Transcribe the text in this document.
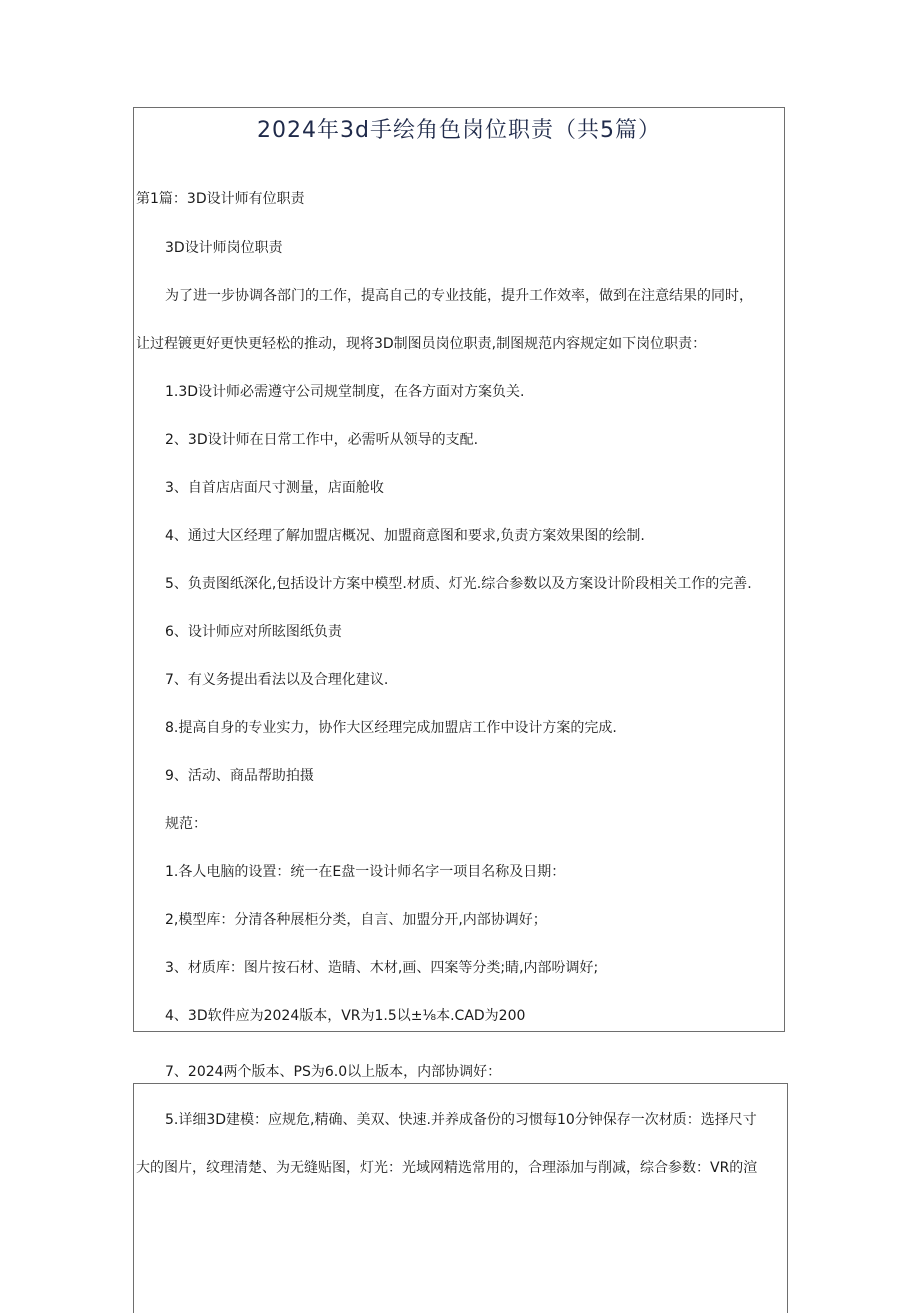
2024年3d手绘角色岗位职责（共5篇）
第1篇：3D设计师有位职责
3D设计师岗位职责
为了进一步协调各部门的工作，提高自己的专业技能，提升工作效率，做到在注意结果的同时，
让过程镀更好更快更轻松的推动，现将3D制图员岗位职责,制图规范内容规定如下岗位职责：
1.3D设计师必需遵守公司规堂制度，在各方面对方案负关.
2、3D设计师在日常工作中，必需听从领导的支配.
3、自首店店面尺寸测量，店面舱收
4、通过大区经理了解加盟店概况、加盟商意图和要求,负责方案效果图的绘制.
5、负责图纸深化,包括设计方案中模型.材质、灯光.综合参数以及方案设计阶段相关工作的完善.
6、设计师应对所眩图纸负责
7、有义务提出看法以及合理化建议.
8.提高自身的专业实力，协作大区经理完成加盟店工作中设计方案的完成.
9、活动、商品帮助拍摄
规范：
1.各人电脑的设置：统一在E盘一设计师名字一项目名称及日期：
2,模型库：分清各种展柜分类，自言、加盟分开,内部协调好；
3、材质库：图片按石材、造睛、木材,画、四案等分类;睛,内部吩调好;
4、3D软件应为2024版本，VR为1.5以±⅛本.CAD为200
7、2024两个版本、PS为6.0以上版本，内部协调好：
5.详细3D建模：应规危,精确、美双、快速.并养成备份的习惯每10分钟保存一次材质：选择尺寸
大的图片，纹理清楚、为无缝贴图，灯光：光域网精选常用的，合理添加与削减，综合参数：VR的渲
